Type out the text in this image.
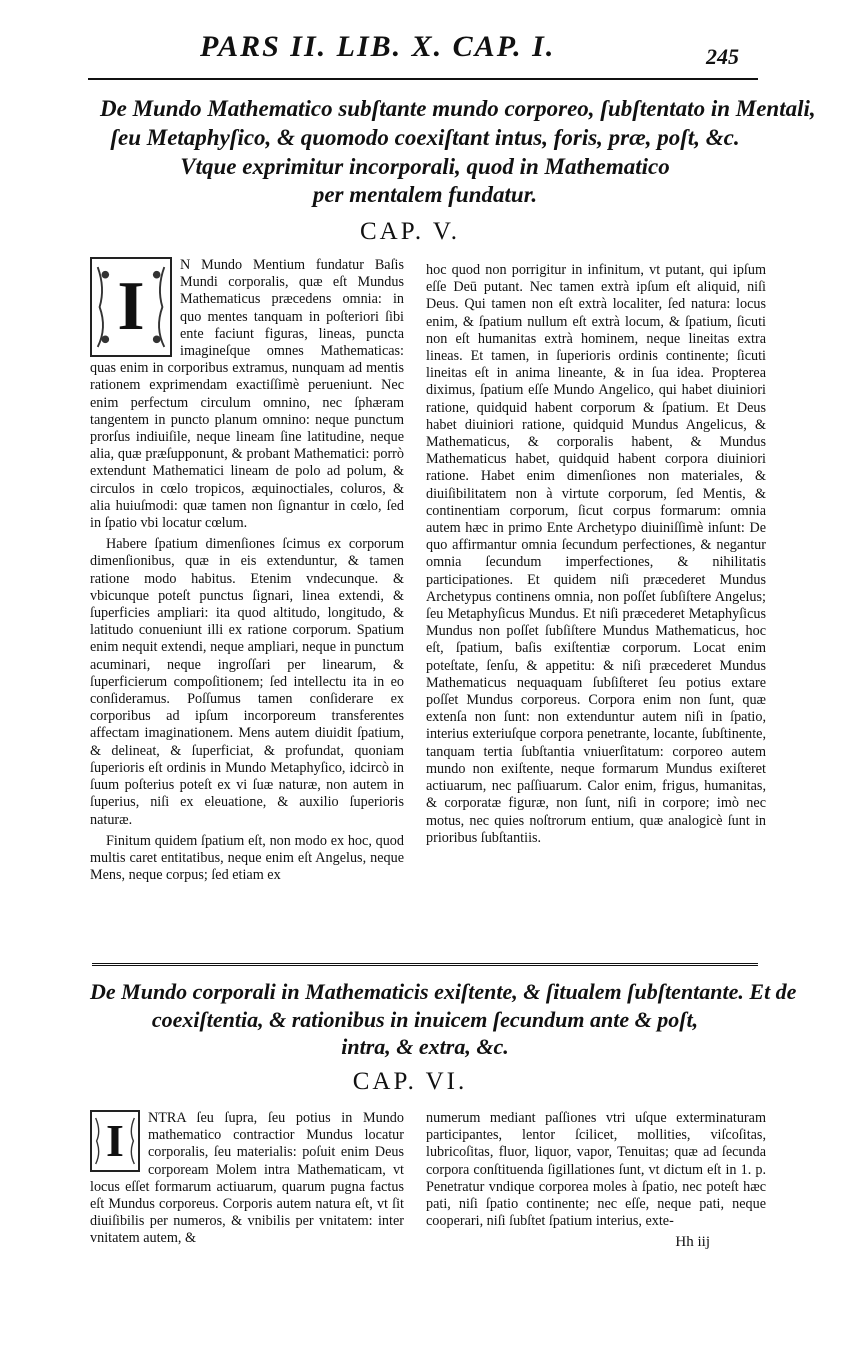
PARS II. LIB. X. CAP. I.	245
De Mundo Mathematico subſtante mundo corporeo, ſubſtentato in Mentali,
ſeu Metaphyſico, & quomodo coexiſtant intus, foris, præ, poſt, &c.
Vtque exprimitur incorporali, quod in Mathematico
per mentalem fundatur.
CAP. V.
I

N Mundo Mentium fundatur Baſis Mundi corporalis, quæ eſt Mundus Mathematicus præcedens omnia: in quo mentes tanquam in poſteriori ſibi ente faciunt figuras, lineas, puncta imagineſque omnes Mathematicas: quas enim in corporibus extramus, nunquam ad mentis rationem exprimendam exactiſſimè perueniunt. Nec enim perfectum circulum omnino, nec ſphæram tangentem in puncto planum omnino: neque punctum prorſus indiuiſile, neque lineam ſine latitudine, neque alia, quæ præſupponunt, & probant Mathematici: porrò extendunt Mathematici lineam de polo ad polum, & circulos in cœlo tropicos, æquinoctiales, coluros, & alia huiuſmodi: quæ tamen non ſignantur in cœlo, ſed in ſpatio vbi locatur cœlum.

Habere ſpatium dimenſiones ſcimus ex corporum dimenſionibus, quæ in eis extenduntur, & tamen ratione modo habitus. Etenim vndecunque. & vbicunque poteſt punctus ſignari, linea extendi, & ſuperficies ampliari: ita quod altitudo, longitudo, & latitudo conueniunt illi ex ratione corporum. Spatium enim nequit extendi, neque ampliari, neque in punctum acuminari, neque ingroſſari per linearum, & ſuperficierum compoſitionem; ſed intellectu ita in eo conſideramus. Poſſumus tamen conſiderare ex corporibus ad ipſum incorporeum transferentes affectam imaginationem. Mens autem diuidit ſpatium, & delineat, & ſuperficiat, & profundat, quoniam ſuperioris eſt ordinis in Mundo Metaphyſico, idcircò in ſuum poſterius poteſt ex vi ſuæ naturæ, non autem in ſuperius, niſi ex eleuatione, & auxilio ſuperioris naturæ.

Finitum quidem ſpatium eſt, non modo ex hoc, quod multis caret entitatibus, neque enim eſt Angelus, neque Mens, neque corpus; ſed etiam ex

hoc quod non porrigitur in infinitum, vt putant, qui ipſum eſſe Deū putant. Nec tamen extrà ipſum eſt aliquid, niſi Deus. Qui tamen non eſt extrà localiter, ſed natura: locus enim, & ſpatium nullum eſt extrà locum, & ſpatium, ſicuti non eſt humanitas extrà hominem, neque lineitas extra lineas. Et tamen, in ſuperioris ordinis continente; ſicuti lineitas eſt in anima lineante, & in ſua idea. Propterea diximus, ſpatium eſſe Mundo Angelico, qui habet diuiniori ratione, quidquid habent corporum & ſpatium. Et Deus habet diuiniori ratione, quidquid Mundus Angelicus, & Mathematicus, & corporalis habent, & Mundus Mathematicus habet, quidquid habent corpora diuiniori ratione. Habet enim dimenſiones non materiales, & diuiſibilitatem non à virtute corporum, ſed Mentis, & continentiam corporum, ſicut corpus formarum: omnia autem hæc in primo Ente Archetypo diuiniſſimè inſunt: De quo affirmantur omnia ſecundum perfectiones, & negantur omnia ſecundum imperfectiones, & nihilitatis participationes. Et quidem niſi præcederet Mundus Archetypus continens omnia, non poſſet ſubſiſtere Angelus; ſeu Metaphyſicus Mundus. Et niſi præcederet Metaphyſicus Mundus non poſſet ſubſiſtere Mundus Mathematicus, hoc eſt, ſpatium, baſis exiſtentiæ corporum. Locat enim poteſtate, ſenſu, & appetitu: & niſi præcederet Mundus Mathematicus nequaquam ſubſiſteret ſeu potius extare poſſet Mundus corporeus. Corpora enim non ſunt, quæ extenſa non ſunt: non extenduntur autem niſi in ſpatio, interius exteriuſque corpora penetrante, locante, ſubſtinente, tanquam tertia ſubſtantia vniuerſitatum: corporeo autem mundo non exiſtente, neque formarum Mundus exiſteret actiuarum, nec paſſiuarum. Calor enim, frigus, humanitas, & corporatæ figuræ, non ſunt, niſi in corpore; imò nec motus, nec quies noſtrorum entium, quæ analogicè ſunt in prioribus ſubſtantiis.

De Mundo corporali in Mathematicis exiſtente, & ſitualem ſubſtentante. Et de
coexiſtentia, & rationibus in inuicem ſecundum ante & poſt,
intra, & extra, &c.
CAP. VI.
I	NTRA ſeu ſupra, ſeu potius in Mundo mathematico contractior Mundus locatur corporalis, ſeu materialis: poſuit enim Deus corpoream Molem intra Mathematicam, vt locus eſſet formarum actiuarum, quarum pugna factus eſt Mundus corporeus. Corporis autem natura eſt, vt ſit diuiſibilis per numeros, & vnibilis per vnitatem: inter vnitatem autem, &

numerum mediant paſſiones vtri uſque exterminaturam participantes, lentor ſcilicet, mollities, viſcoſitas, lubricoſitas, fluor, liquor, vapor, Tenuitas; quæ ad ſecunda corpora conſtituenda ſigillationes ſunt, vt dictum eſt in 1. p. Penetratur vndique corporea moles à ſpatio, nec poteſt hæc pati, niſi ſpatio continente; nec eſſe, neque pati, neque cooperari, niſi ſubſtet ſpatium interius, exte-

Hh iij
